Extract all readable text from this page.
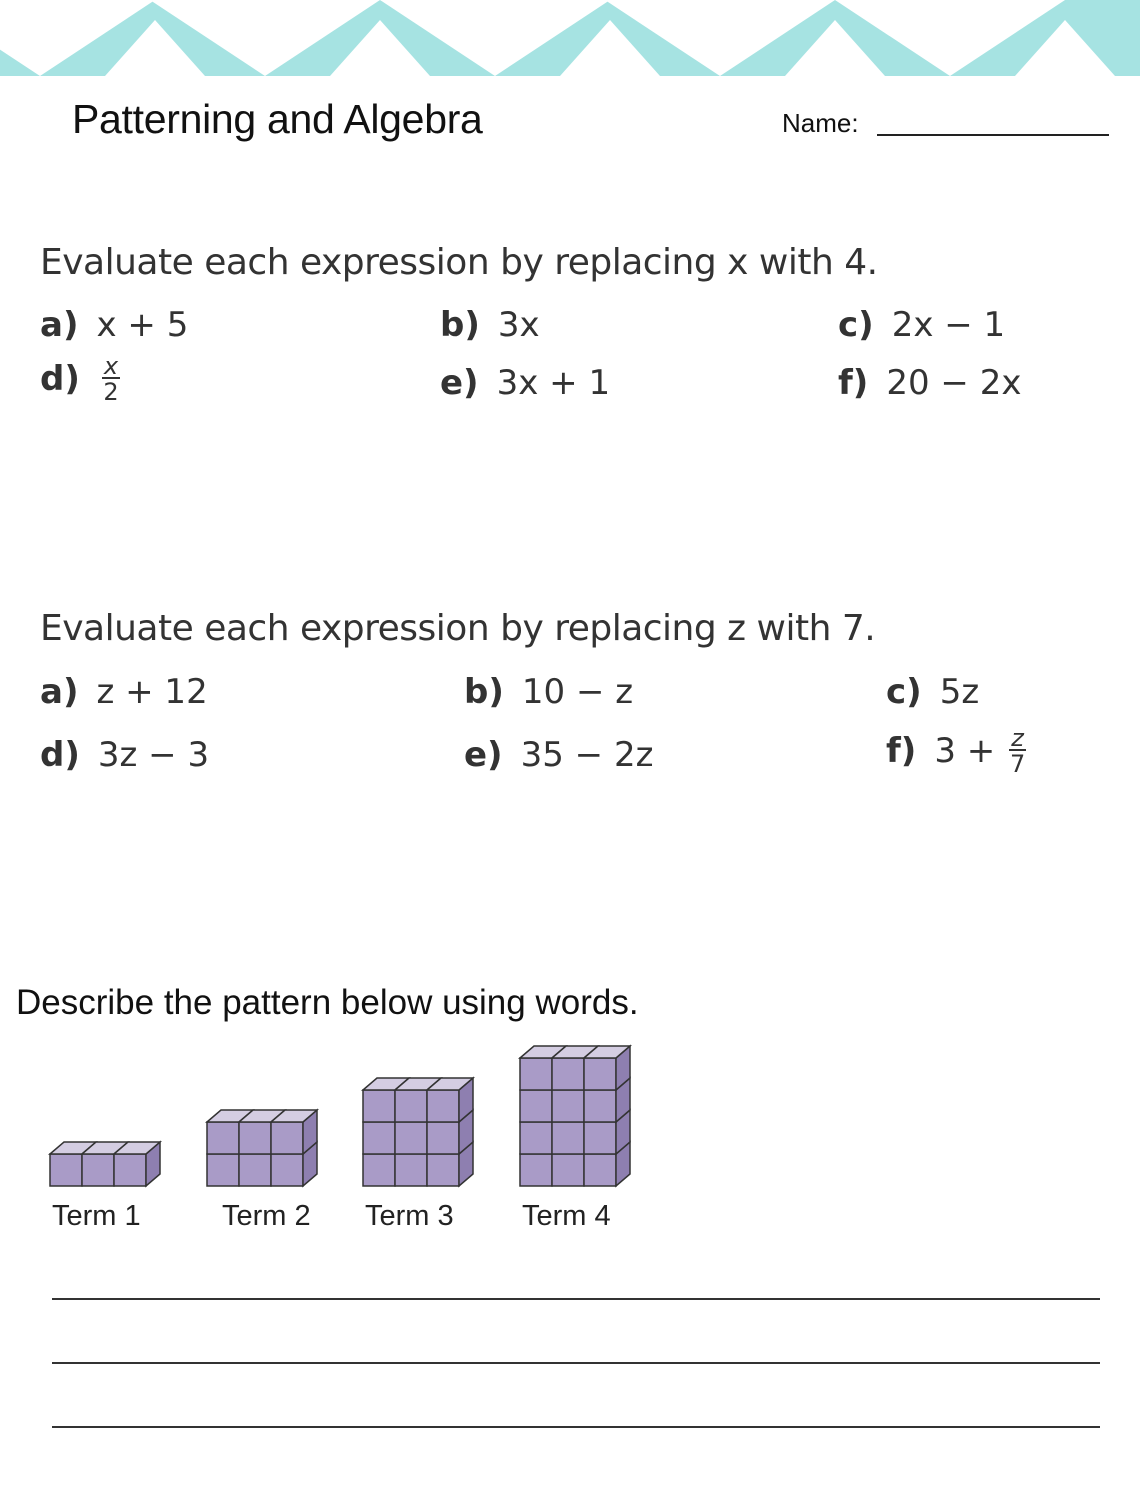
Patterning and Algebra	Name:
Evaluate each expression by replacing x with 4.
a) x + 5	b) 3x	c) 2x − 1
$d) \frac{x}{2}$	e) 3x + 1	f) 20 − 2x
Evaluate each expression by replacing z with 7.
a) z + 12	b) 10 − z	c) 5z
d) 3z − 3	e) 35 − 2z	f) $3 + \frac{z}{7}$
Describe the pattern below using words.
Term 1	Term 2 Term 3 Term 4
